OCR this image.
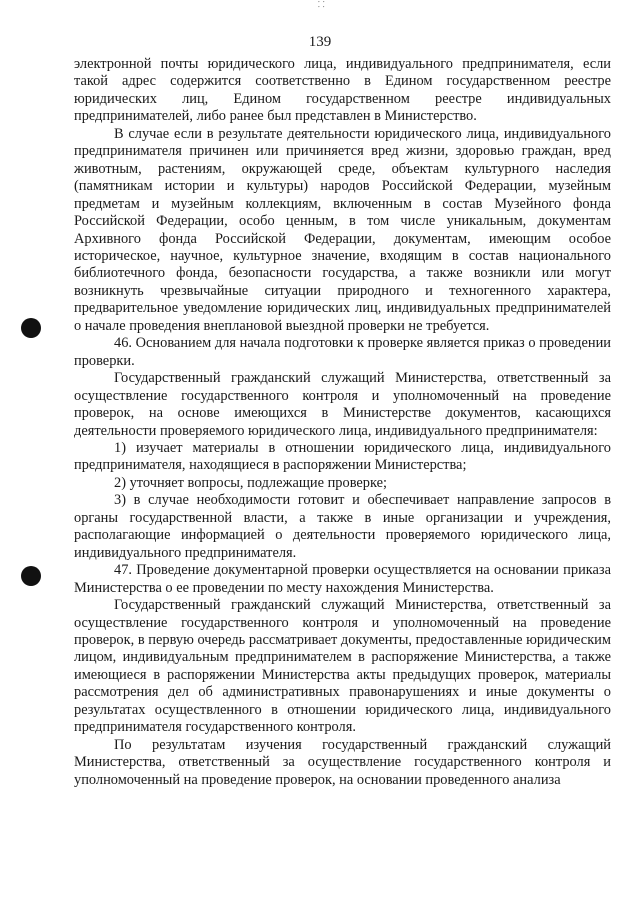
⸬
139

электронной почты юридического лица, индивидуального предпринимателя, если такой адрес содержится соответственно в Едином государственном реестре юридических лиц, Едином государственном реестре индивидуальных предпринимателей, либо ранее был представлен в Министерство.

В случае если в результате деятельности юридического лица, индивидуального предпринимателя причинен или причиняется вред жизни, здоровью граждан, вред животным, растениям, окружающей среде, объектам культурного наследия (памятникам истории и культуры) народов Российской Федерации, музейным предметам и музейным коллекциям, включенным в состав Музейного фонда Российской Федерации, особо ценным, в том числе уникальным, документам Архивного фонда Российской Федерации, документам, имеющим особое историческое, научное, культурное значение, входящим в состав национального библиотечного фонда, безопасности государства, а также возникли или могут возникнуть чрезвычайные ситуации природного и техногенного характера, предварительное уведомление юридических лиц, индивидуальных предпринимателей о начале проведения внеплановой выездной проверки не требуется.

46. Основанием для начала подготовки к проверке является приказ о проведении проверки.

Государственный гражданский служащий Министерства, ответственный за осуществление государственного контроля и уполномоченный на проведение проверок, на основе имеющихся в Министерстве документов, касающихся деятельности проверяемого юридического лица, индивидуального предпринимателя:

1) изучает материалы в отношении юридического лица, индивидуального предпринимателя, находящиеся в распоряжении Министерства;

2) уточняет вопросы, подлежащие проверке;

3) в случае необходимости готовит и обеспечивает направление запросов в органы государственной власти, а также в иные организации и учреждения, располагающие информацией о деятельности проверяемого юридического лица, индивидуального предпринимателя.

47. Проведение документарной проверки осуществляется на основании приказа Министерства о ее проведении по месту нахождения Министерства.

Государственный гражданский служащий Министерства, ответственный за осуществление государственного контроля и уполномоченный на проведение проверок, в первую очередь рассматривает документы, предоставленные юридическим лицом, индивидуальным предпринимателем в распоряжение Министерства, а также имеющиеся в распоряжении Министерства акты предыдущих проверок, материалы рассмотрения дел об административных правонарушениях и иные документы о результатах осуществленного в отношении юридического лица, индивидуального предпринимателя государственного контроля.

По результатам изучения государственный гражданский служащий Министерства, ответственный за осуществление государственного контроля и уполномоченный на проведение проверок, на основании проведенного анализа
